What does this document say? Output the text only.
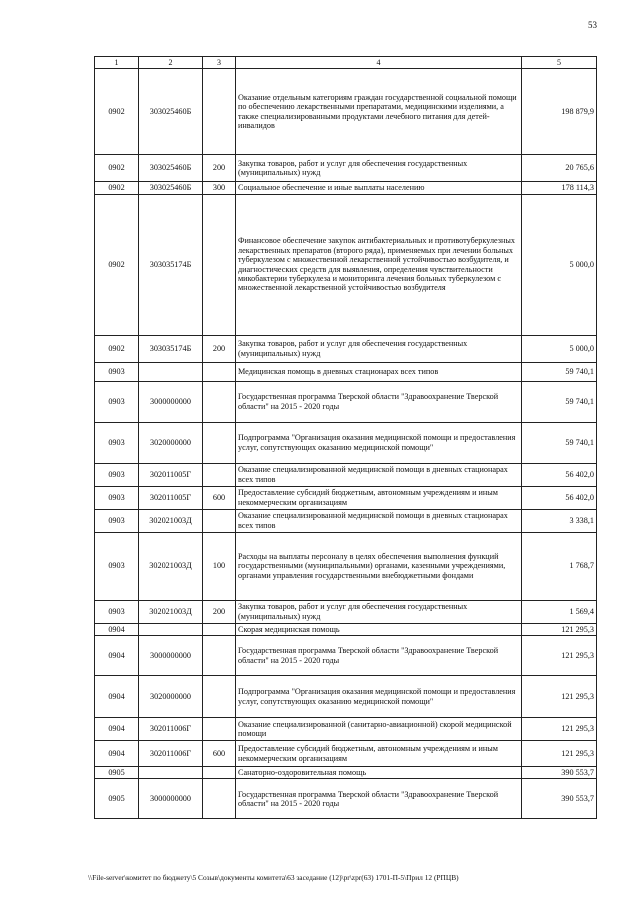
53
1	2	3	4	5
0902	303025460Б		Оказание отдельным категориям граждан государственной социальной помощи по обеспечению лекарственными препаратами, медицинскими изделиями, а также специализированными продуктами лечебного питания для детей-инвалидов	198 879,9
0902	303025460Б	200	Закупка товаров, работ и услуг для обеспечения государственных (муниципальных) нужд	20 765,6
0902	303025460Б	300	Социальное обеспечение и иные выплаты населению	178 114,3
0902	303035174Б		Финансовое обеспечение закупок антибактериальных и противотуберкулезных лекарственных препаратов (второго ряда), применяемых при лечении больных туберкулезом с множественной лекарственной устойчивостью возбудителя, и диагностических средств для выявления, определения чувствительности микобактерии туберкулеза и мониторинга лечения больных туберкулезом с множественной лекарственной устойчивостью возбудителя	5 000,0
0902	303035174Б	200	Закупка товаров, работ и услуг для обеспечения государственных (муниципальных) нужд	5 000,0
0903			Медицинская помощь в дневных стационарах всех типов	59 740,1
0903	3000000000		Государственная программа Тверской области "Здравоохранение Тверской области" на 2015 - 2020 годы	59 740,1
0903	3020000000		Подпрограмма "Организация оказания медицинской помощи и предоставления услуг, сопутствующих оказанию медицинской помощи"	59 740,1
0903	302011005Г		Оказание специализированной медицинской помощи в дневных стационарах всех типов	56 402,0
0903	302011005Г	600	Предоставление субсидий бюджетным, автономным учреждениям и иным некоммерческим организациям	56 402,0
0903	302021003Д		Оказание специализированной медицинской помощи в дневных стационарах всех типов	3 338,1
0903	302021003Д	100	Расходы на выплаты персоналу в целях обеспечения выполнения функций государственными (муниципальными) органами, казенными учреждениями, органами управления государственными внебюджетными фондами	1 768,7
0903	302021003Д	200	Закупка товаров, работ и услуг для обеспечения государственных (муниципальных) нужд	1 569,4
0904			Скорая медицинская помощь	121 295,3
0904	3000000000		Государственная программа Тверской области "Здравоохранение Тверской области" на 2015 - 2020 годы	121 295,3
0904	3020000000		Подпрограмма "Организация оказания медицинской помощи и предоставления услуг, сопутствующих оказанию медицинской помощи"	121 295,3
0904	302011006Г		Оказание специализированной (санитарно-авиационной) скорой медицинской помощи	121 295,3
0904	302011006Г	600	Предоставление субсидий бюджетным, автономным учреждениям и иным некоммерческим организациям	121 295,3
0905			Санаторно-оздоровительная помощь	390 553,7
0905	3000000000		Государственная программа Тверской области "Здравоохранение Тверской области" на 2015 - 2020 годы	390 553,7
\\File-server\комитет по бюджету\5 Созыв\документы комитета\63 заседание (12)\pr\zpr(63) 1701-П-5\Прил 12 (РПЦВ)
